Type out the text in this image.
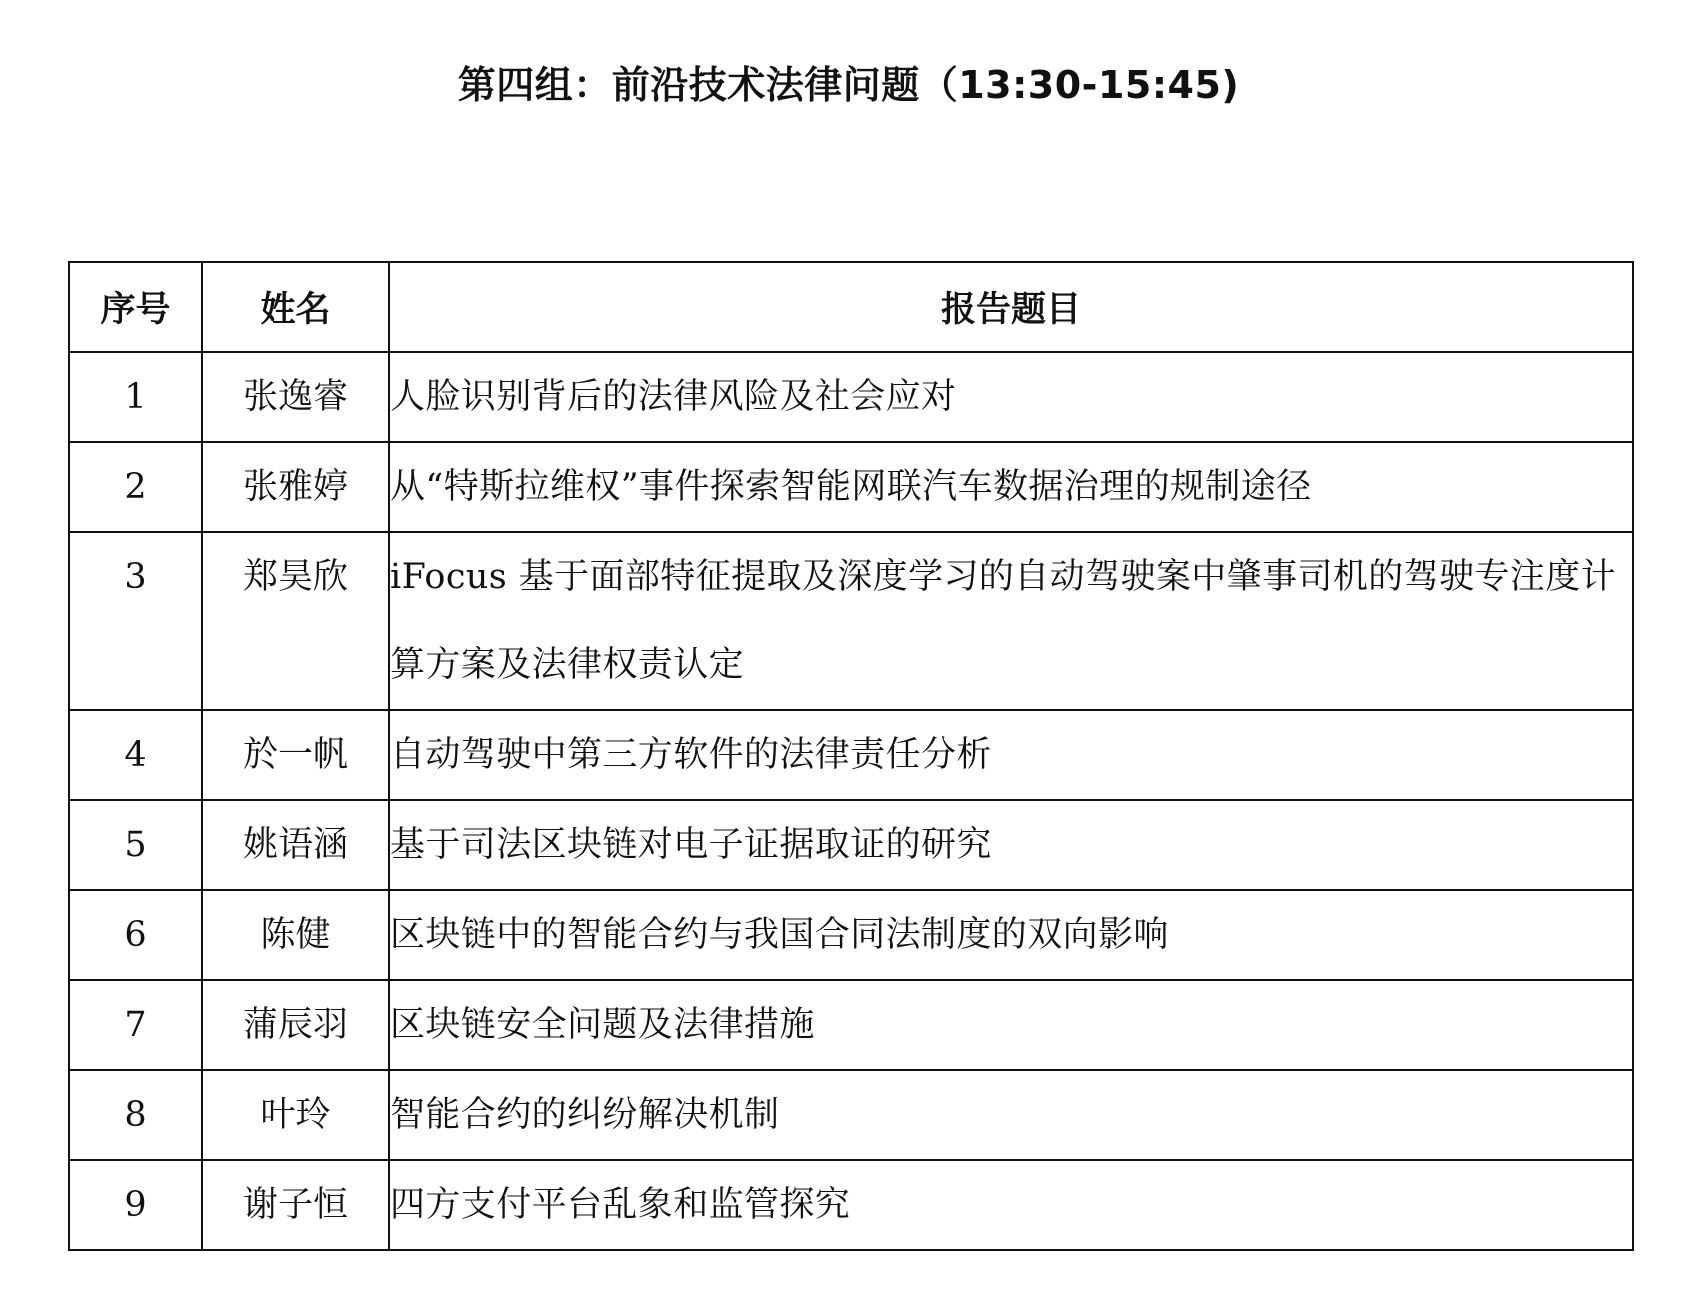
第四组：前沿技术法律问题（13:30-15:45)
序号	姓名	报告题目
1	张逸睿	人脸识别背后的法律风险及社会应对
2	张雅婷	从“特斯拉维权”事件探索智能网联汽车数据治理的规制途径
3	郑昊欣	iFocus 基于面部特征提取及深度学习的自动驾驶案中肇事司机的驾驶专注度计算方案及法律权责认定
4	於一帆	自动驾驶中第三方软件的法律责任分析
5	姚语涵	基于司法区块链对电子证据取证的研究
6	陈健	区块链中的智能合约与我国合同法制度的双向影响
7	蒲辰羽	区块链安全问题及法律措施
8	叶玲	智能合约的纠纷解决机制
9	谢子恒	四方支付平台乱象和监管探究
